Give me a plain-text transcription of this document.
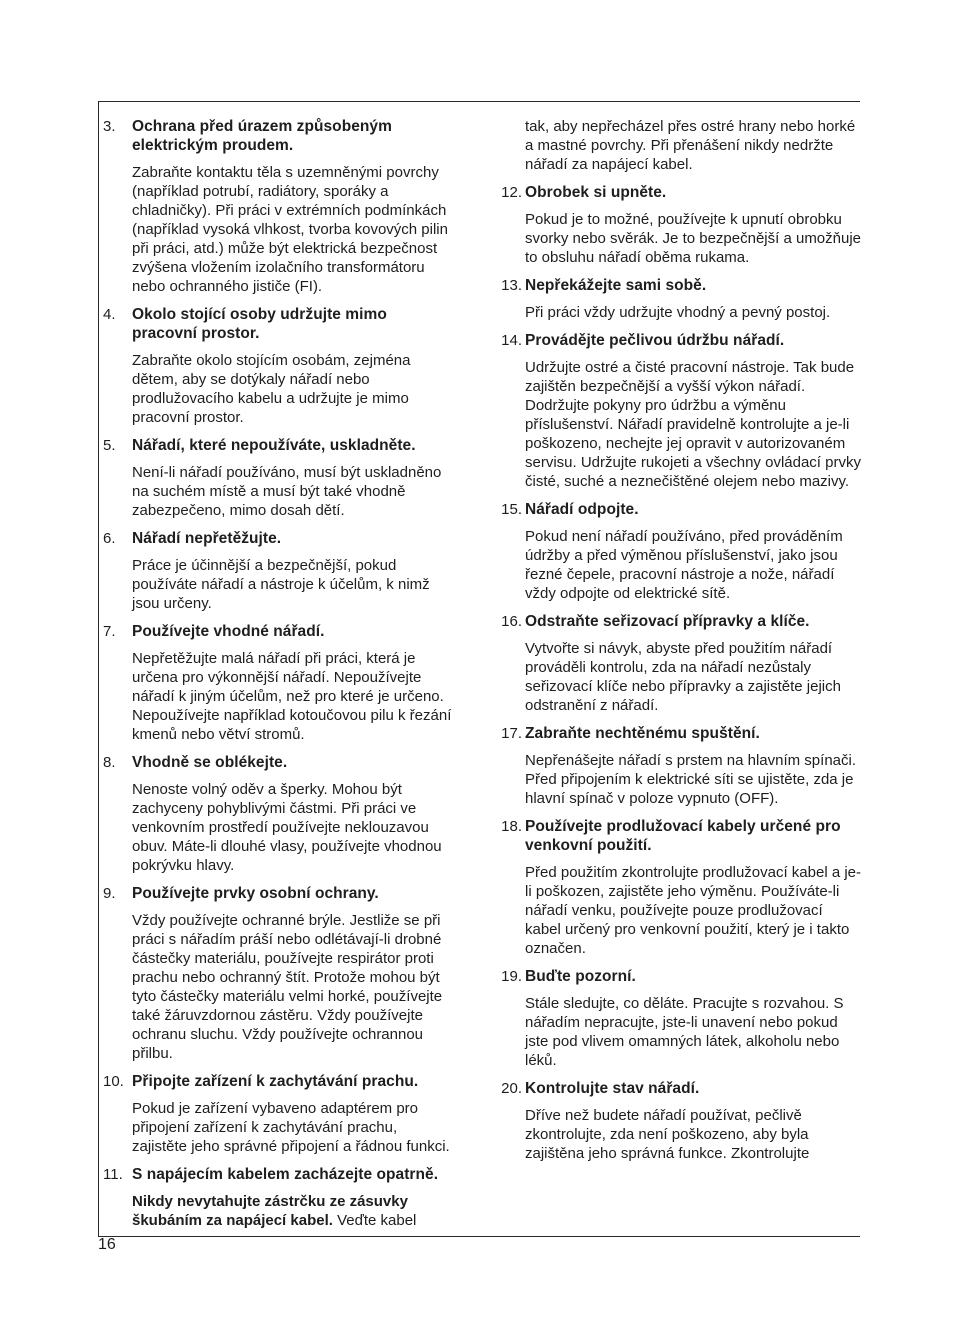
16
3.	Ochrana před úrazem způsobeným elektrickým proudem.

Zabraňte kontaktu těla s uzemněnými povrchy (například potrubí, radiátory, sporáky a chladničky). Při práci v extrémních podmínkách (například vysoká vlhkost, tvorba kovových pilin při práci, atd.) může být elektrická bezpečnost zvýšena vložením izolačního transformátoru nebo ochranného jističe (FI).

4.	Okolo stojící osoby udržujte mimo pracovní prostor.

Zabraňte okolo stojícím osobám, zejména dětem, aby se dotýkaly nářadí nebo prodlužovacího kabelu a udržujte je mimo pracovní prostor.

5.	Nářadí, které nepoužíváte, uskladněte.

Není-li nářadí používáno, musí být uskladněno na suchém místě a musí být také vhodně zabezpečeno, mimo dosah dětí.

6.	Nářadí nepřetěžujte.

Práce je účinnější a bezpečnější, pokud používáte nářadí a nástroje k účelům, k nimž jsou určeny.

7.	Používejte vhodné nářadí.

Nepřetěžujte malá nářadí při práci, která je určena pro výkonnější nářadí. Nepoužívejte nářadí k jiným účelům, než pro které je určeno. Nepoužívejte například kotoučovou pilu k řezání kmenů nebo větví stromů.

8.	Vhodně se oblékejte.

Nenoste volný oděv a šperky. Mohou být zachyceny pohyblivými částmi. Při práci ve venkovním prostředí používejte neklouzavou obuv. Máte-li dlouhé vlasy, používejte vhodnou pokrývku hlavy.

9.	Používejte prvky osobní ochrany.

Vždy používejte ochranné brýle. Jestliže se při práci s nářadím práší nebo odlétávají-li drobné částečky materiálu, používejte respirátor proti prachu nebo ochranný štít. Protože mohou být tyto částečky materiálu velmi horké, používejte také žáruvzdornou zástěru. Vždy používejte ochranu sluchu. Vždy používejte ochrannou přilbu.

10. Připojte zařízení k zachytávání prachu.

Pokud je zařízení vybaveno adaptérem pro připojení zařízení k zachytávání prachu, zajistěte jeho správné připojení a řádnou funkci.

11. S napájecím kabelem zacházejte opatrně.

Nikdy nevytahujte zástrčku ze zásuvky škubáním za napájecí kabel. Veďte kabel

tak, aby nepřecházel přes ostré hrany nebo horké a mastné povrchy. Při přenášení nikdy nedržte nářadí za napájecí kabel.

12. Obrobek si upněte.

Pokud je to možné, používejte k upnutí obrobku svorky nebo svěrák. Je to bezpečnější a umožňuje to obsluhu nářadí oběma rukama.

13. Nepřekážejte sami sobě.

Při práci vždy udržujte vhodný a pevný postoj.

14. Provádějte pečlivou údržbu nářadí.

Udržujte ostré a čisté pracovní nástroje. Tak bude zajištěn bezpečnější a vyšší výkon nářadí. Dodržujte pokyny pro údržbu a výměnu příslušenství. Nářadí pravidelně kontrolujte a je-li poškozeno, nechejte jej opravit v autorizovaném servisu. Udržujte rukojeti a všechny ovládací prvky čisté, suché a neznečištěné olejem nebo mazivy.

15. Nářadí odpojte.

Pokud není nářadí používáno, před prováděním údržby a před výměnou příslušenství, jako jsou řezné čepele, pracovní nástroje a nože, nářadí vždy odpojte od elektrické sítě.

16. Odstraňte seřizovací přípravky a klíče.

Vytvořte si návyk, abyste před použitím nářadí prováděli kontrolu, zda na nářadí nezůstaly seřizovací klíče nebo přípravky a zajistěte jejich odstranění z nářadí.

17. Zabraňte nechtěnému spuštění.

Nepřenášejte nářadí s prstem na hlavním spínači. Před připojením k elektrické síti se ujistěte, zda je hlavní spínač v poloze vypnuto (OFF).

18. Používejte prodlužovací kabely určené pro venkovní použití.

Před použitím zkontrolujte prodlužovací kabel a je-li poškozen, zajistěte jeho výměnu. Používáte-li nářadí venku, používejte pouze prodlužovací kabel určený pro venkovní použití, který je i takto označen.

19. Buďte pozorní.

Stále sledujte, co děláte. Pracujte s rozvahou. S nářadím nepracujte, jste-li unavení nebo pokud jste pod vlivem omamných látek, alkoholu nebo léků.

20. Kontrolujte stav nářadí.

Dříve než budete nářadí používat, pečlivě zkontrolujte, zda není poškozeno, aby byla zajištěna jeho správná funkce. Zkontrolujte
